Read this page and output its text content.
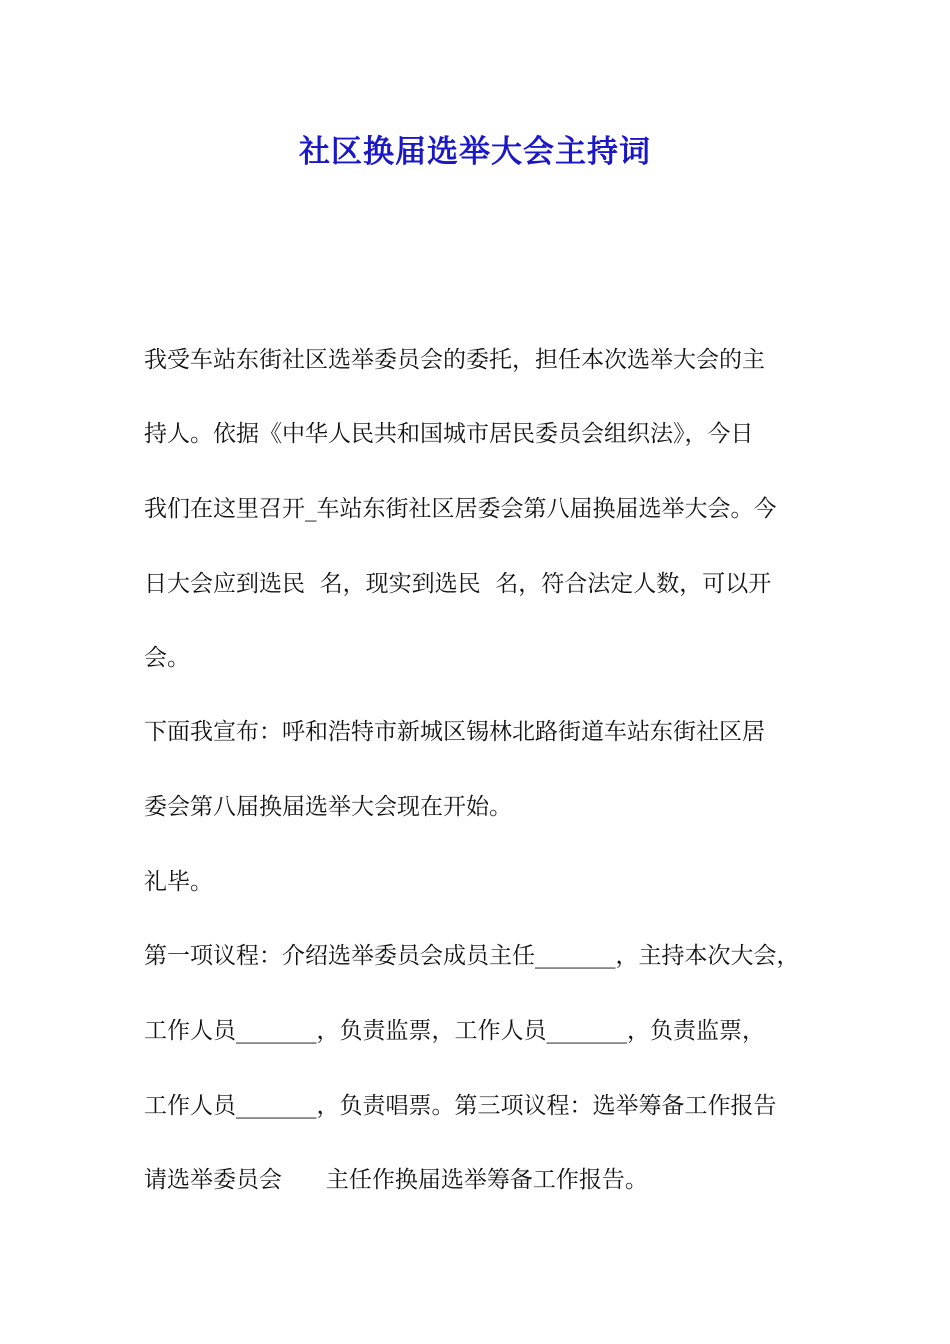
社区换届选举大会主持词

我受车站东街社区选举委员会的委托，担任本次选举大会的主

持人。依据《中华人民共和国城市居民委员会组织法》，今日

我们在这里召开_车站东街社区居委会第八届换届选举大会。今

日大会应到选民  名，现实到选民  名，符合法定人数，可以开

会。

下面我宣布：呼和浩特市新城区锡林北路街道车站东街社区居

委会第八届换届选举大会现在开始。

礼毕。

第一项议程：介绍选举委员会成员主任_______，主持本次大会，

工作人员_______，负责监票，工作人员_______，负责监票，

工作人员_______，负责唱票。第三项议程：选举筹备工作报告

请选举委员会      主任作换届选举筹备工作报告。
